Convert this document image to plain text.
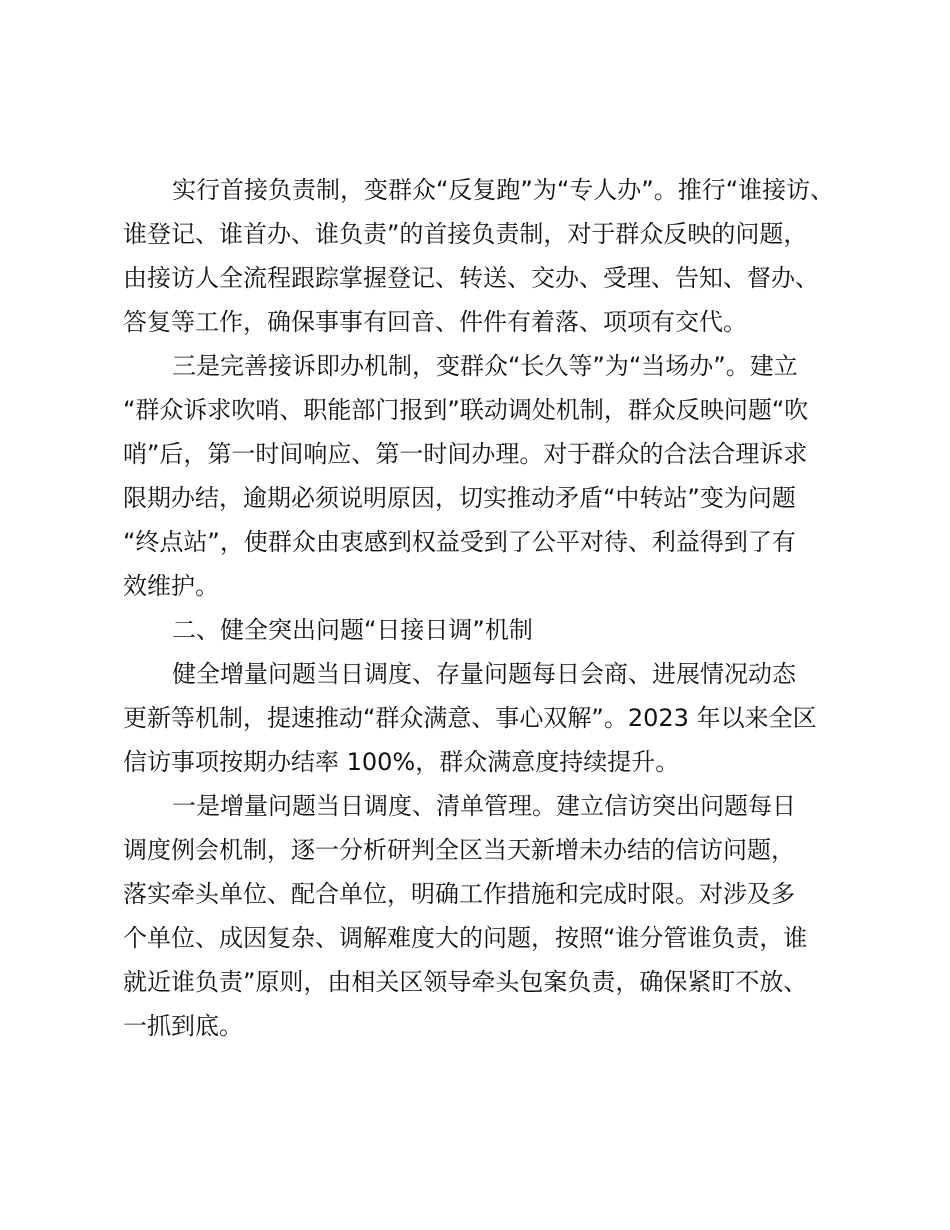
实行首接负责制，变群众“反复跑”为“专人办”。推行“谁接访、
谁登记、谁首办、谁负责”的首接负责制，对于群众反映的问题，
由接访人全流程跟踪掌握登记、转送、交办、受理、告知、督办、
答复等工作，确保事事有回音、件件有着落、项项有交代。
三是完善接诉即办机制，变群众“长久等”为“当场办”。建立
“群众诉求吹哨、职能部门报到”联动调处机制，群众反映问题“吹
哨”后，第一时间响应、第一时间办理。对于群众的合法合理诉求
限期办结，逾期必须说明原因，切实推动矛盾“中转站”变为问题
“终点站”，使群众由衷感到权益受到了公平对待、利益得到了有
效维护。
二、健全突出问题“日接日调”机制
健全增量问题当日调度、存量问题每日会商、进展情况动态
更新等机制，提速推动“群众满意、事心双解”。2023 年以来全区
信访事项按期办结率 100%，群众满意度持续提升。
一是增量问题当日调度、清单管理。建立信访突出问题每日
调度例会机制，逐一分析研判全区当天新增未办结的信访问题，
落实牵头单位、配合单位，明确工作措施和完成时限。对涉及多
个单位、成因复杂、调解难度大的问题，按照“谁分管谁负责，谁
就近谁负责”原则，由相关区领导牵头包案负责，确保紧盯不放、
一抓到底。
